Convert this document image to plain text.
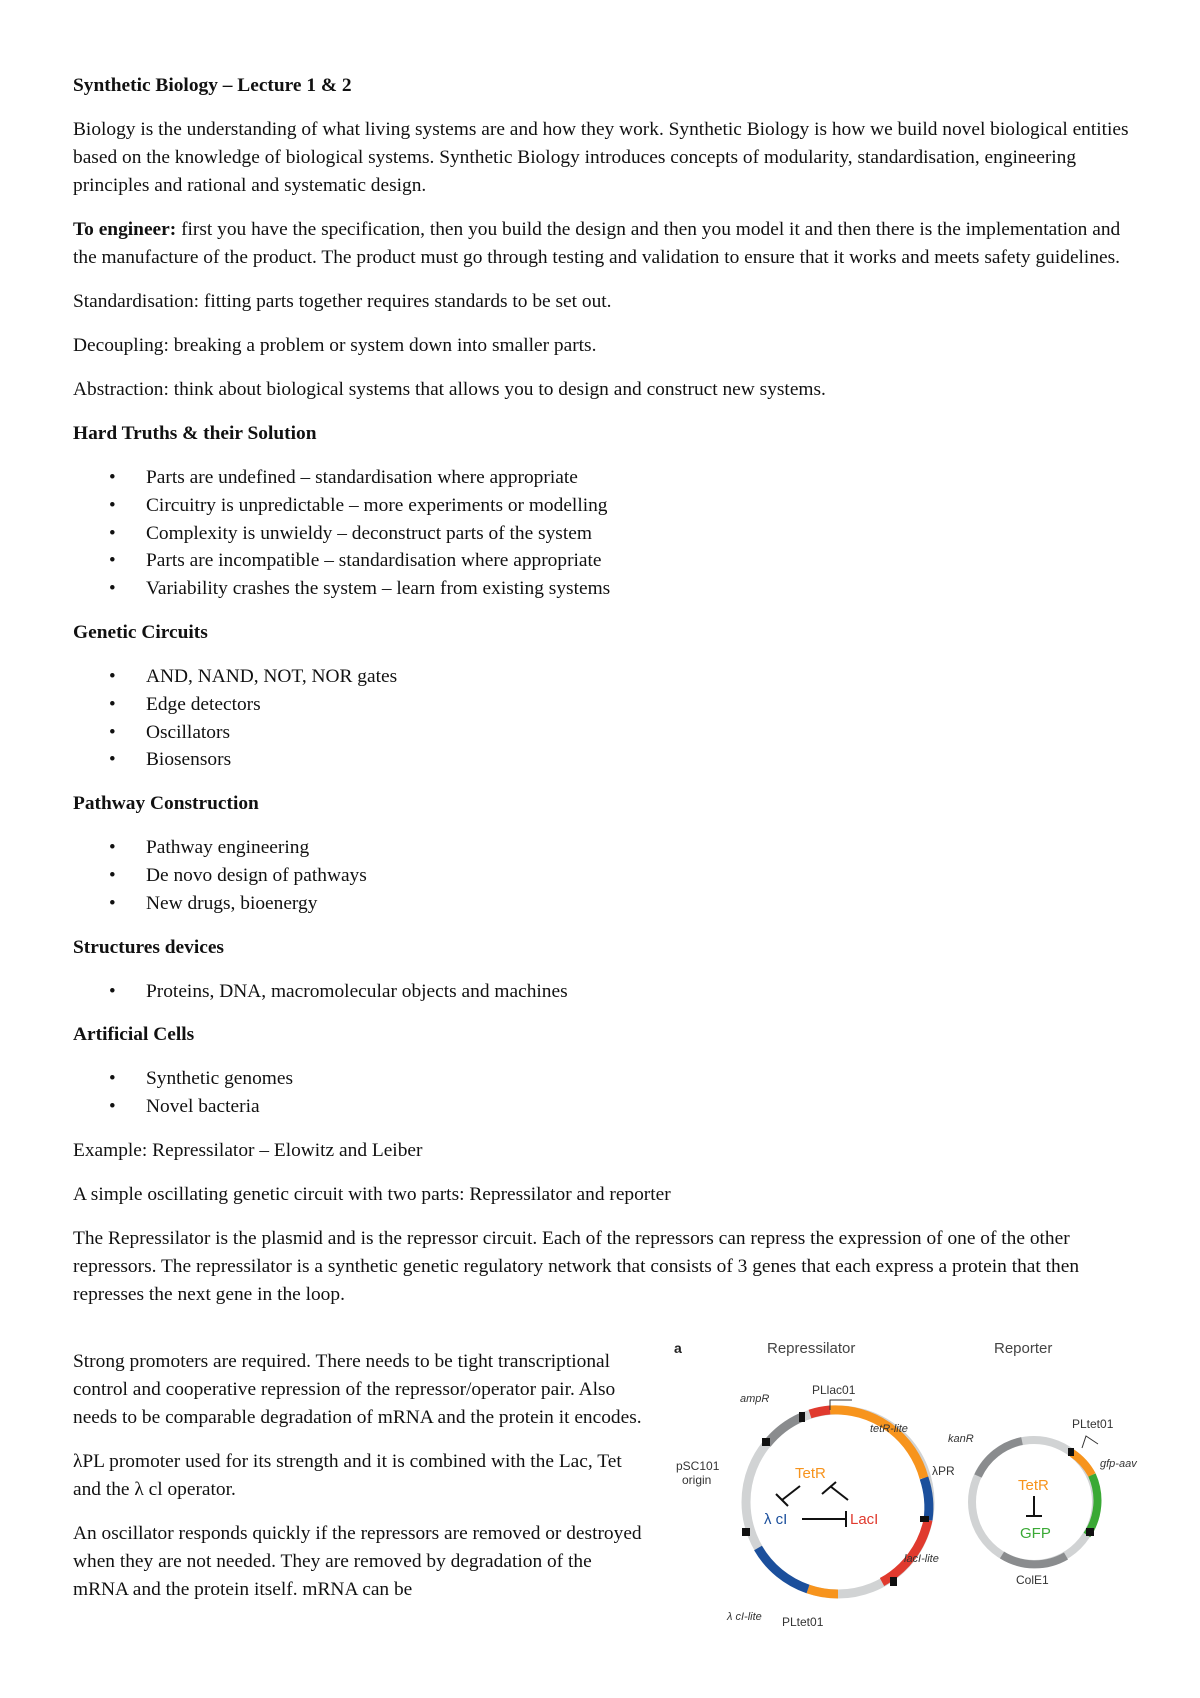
Synthetic Biology – Lecture 1 & 2

Biology is the understanding of what living systems are and how they work. Synthetic Biology is how we build novel biological entities based on the knowledge of biological systems. Synthetic Biology introduces concepts of modularity, standardisation, engineering principles and rational and systematic design.

To engineer: first you have the specification, then you build the design and then you model it and then there is the implementation and the manufacture of the product. The product must go through testing and validation to ensure that it works and meets safety guidelines.

Standardisation: fitting parts together requires standards to be set out.

Decoupling: breaking a problem or system down into smaller parts.

Abstraction: think about biological systems that allows you to design and construct new systems.

Hard Truths & their Solution
• Parts are undefined – standardisation where appropriate
• Circuitry is unpredictable – more experiments or modelling
• Complexity is unwieldy – deconstruct parts of the system
• Parts are incompatible – standardisation where appropriate
• Variability crashes the system – learn from existing systems
Genetic Circuits
• AND, NAND, NOT, NOR gates
• Edge detectors
• Oscillators
• Biosensors
Pathway Construction
• Pathway engineering
• De novo design of pathways
• New drugs, bioenergy
Structures devices
• Proteins, DNA, macromolecular objects and machines
Artificial Cells
• Synthetic genomes
• Novel bacteria

Example: Repressilator – Elowitz and Leiber

A simple oscillating genetic circuit with two parts: Repressilator and reporter

The Repressilator is the plasmid and is the repressor circuit. Each of the repressors can repress the expression of one of the other repressors. The repressilator is a synthetic genetic regulatory network that consists of 3 genes that each express a protein that then represses the next gene in the loop.

Strong promoters are required. There needs to be tight transcriptional control and cooperative repression of the repressor/operator pair. Also needs to be comparable degradation of mRNA and the protein it encodes.

λPL promoter used for its strength and it is combined with the Lac, Tet and the λ cl operator.

An oscillator responds quickly if the repressors are removed or destroyed when they are not needed. They are removed by degradation of the mRNA and the protein itself. mRNA can be

a	Repressilator	Reporter
PLlac01
tetR-lite
ampR
pSC101
origin
λPR
lacI-lite
λ cI-lite PLtet01
TetR
λ cI	LacI
kanR
PLtet01
gfp-aav
ColE1
TetR
GFP
